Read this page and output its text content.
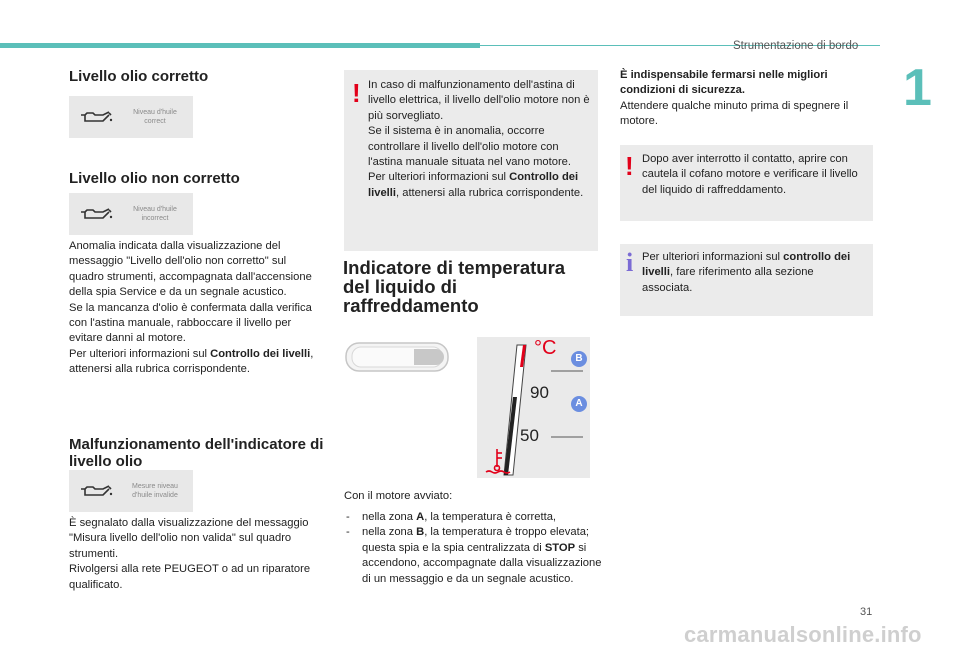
Strumentazione di bordo
1
Livello olio corretto
Niveau d'huile correct
Livello olio non corretto
Niveau d'huile incorrect
Anomalia indicata dalla visualizzazione del messaggio "Livello dell'olio non corretto" sul quadro strumenti, accompagnata dall'accensione della spia Service e da un segnale acustico.
Se la mancanza d'olio è confermata dalla verifica con l'astina manuale, rabboccare il livello per evitare danni al motore.
Per ulteriori informazioni sul Controllo dei livelli, attenersi alla rubrica corrispondente.
Malfunzionamento dell'indicatore di livello olio
Mesure niveau d'huile invalide
È segnalato dalla visualizzazione del messaggio "Misura livello dell'olio non valida" sul quadro strumenti.
Rivolgersi alla rete PEUGEOT o ad un riparatore qualificato.
! In caso di malfunzionamento dell'astina di livello elettrica, il livello dell'olio motore non è più sorvegliato.
Se il sistema è in anomalia, occorre controllare il livello dell'olio motore con l'astina manuale situata nel vano motore.
Per ulteriori informazioni sul Controllo dei livelli, attenersi alla rubrica corrispondente.
Indicatore di temperatura del liquido di raffreddamento
°C
90
50
B
A
Con il motore avviato:
- nella zona A, la temperatura è corretta,
- nella zona B, la temperatura è troppo elevata; questa spia e la spia centralizzata di STOP si accendono, accompagnate dalla visualizzazione di un messaggio e da un segnale acustico.
È indispensabile fermarsi nelle migliori condizioni di sicurezza.
Attendere qualche minuto prima di spegnere il motore.
! Dopo aver interrotto il contatto, aprire con cautela il cofano motore e verificare il livello del liquido di raffreddamento.
i Per ulteriori informazioni sul controllo dei livelli, fare riferimento alla sezione associata.
31
carmanualsonline.info
